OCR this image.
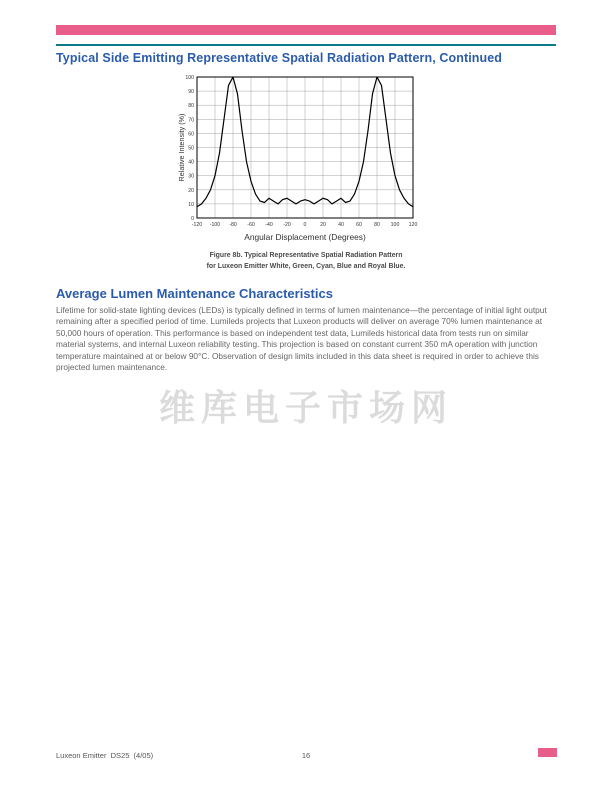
Typical Side Emitting Representative Spatial Radiation Pattern, Continued
-120 -100 -80 -60 -40 -20 0	20 40 60 80 100 120
0
10
20
30
40
50
60
70
80
90
100
Relative Intensity (%)
Angular Displacement (Degrees)
Figure 8b. Typical Representative Spatial Radiation Pattern
for Luxeon Emitter White, Green, Cyan, Blue and Royal Blue.
Average Lumen Maintenance Characteristics
Lifetime for solid-state lighting devices (LEDs) is typically defined in terms of lumen maintenance—the percentage of initial light output remaining after a specified period of time. Lumileds projects that Luxeon products will deliver on average 70% lumen maintenance at 50,000 hours of operation. This performance is based on independent test data, Lumileds historical data from tests run on similar material systems, and internal Luxeon reliability testing. This projection is based on constant current 350 mA operation with junction temperature maintained at or below 90°C. Observation of design limits included in this data sheet is required in order to achieve this projected lumen maintenance.
维库电子市场网
Luxeon Emitter  DS25  (4/05)	16
